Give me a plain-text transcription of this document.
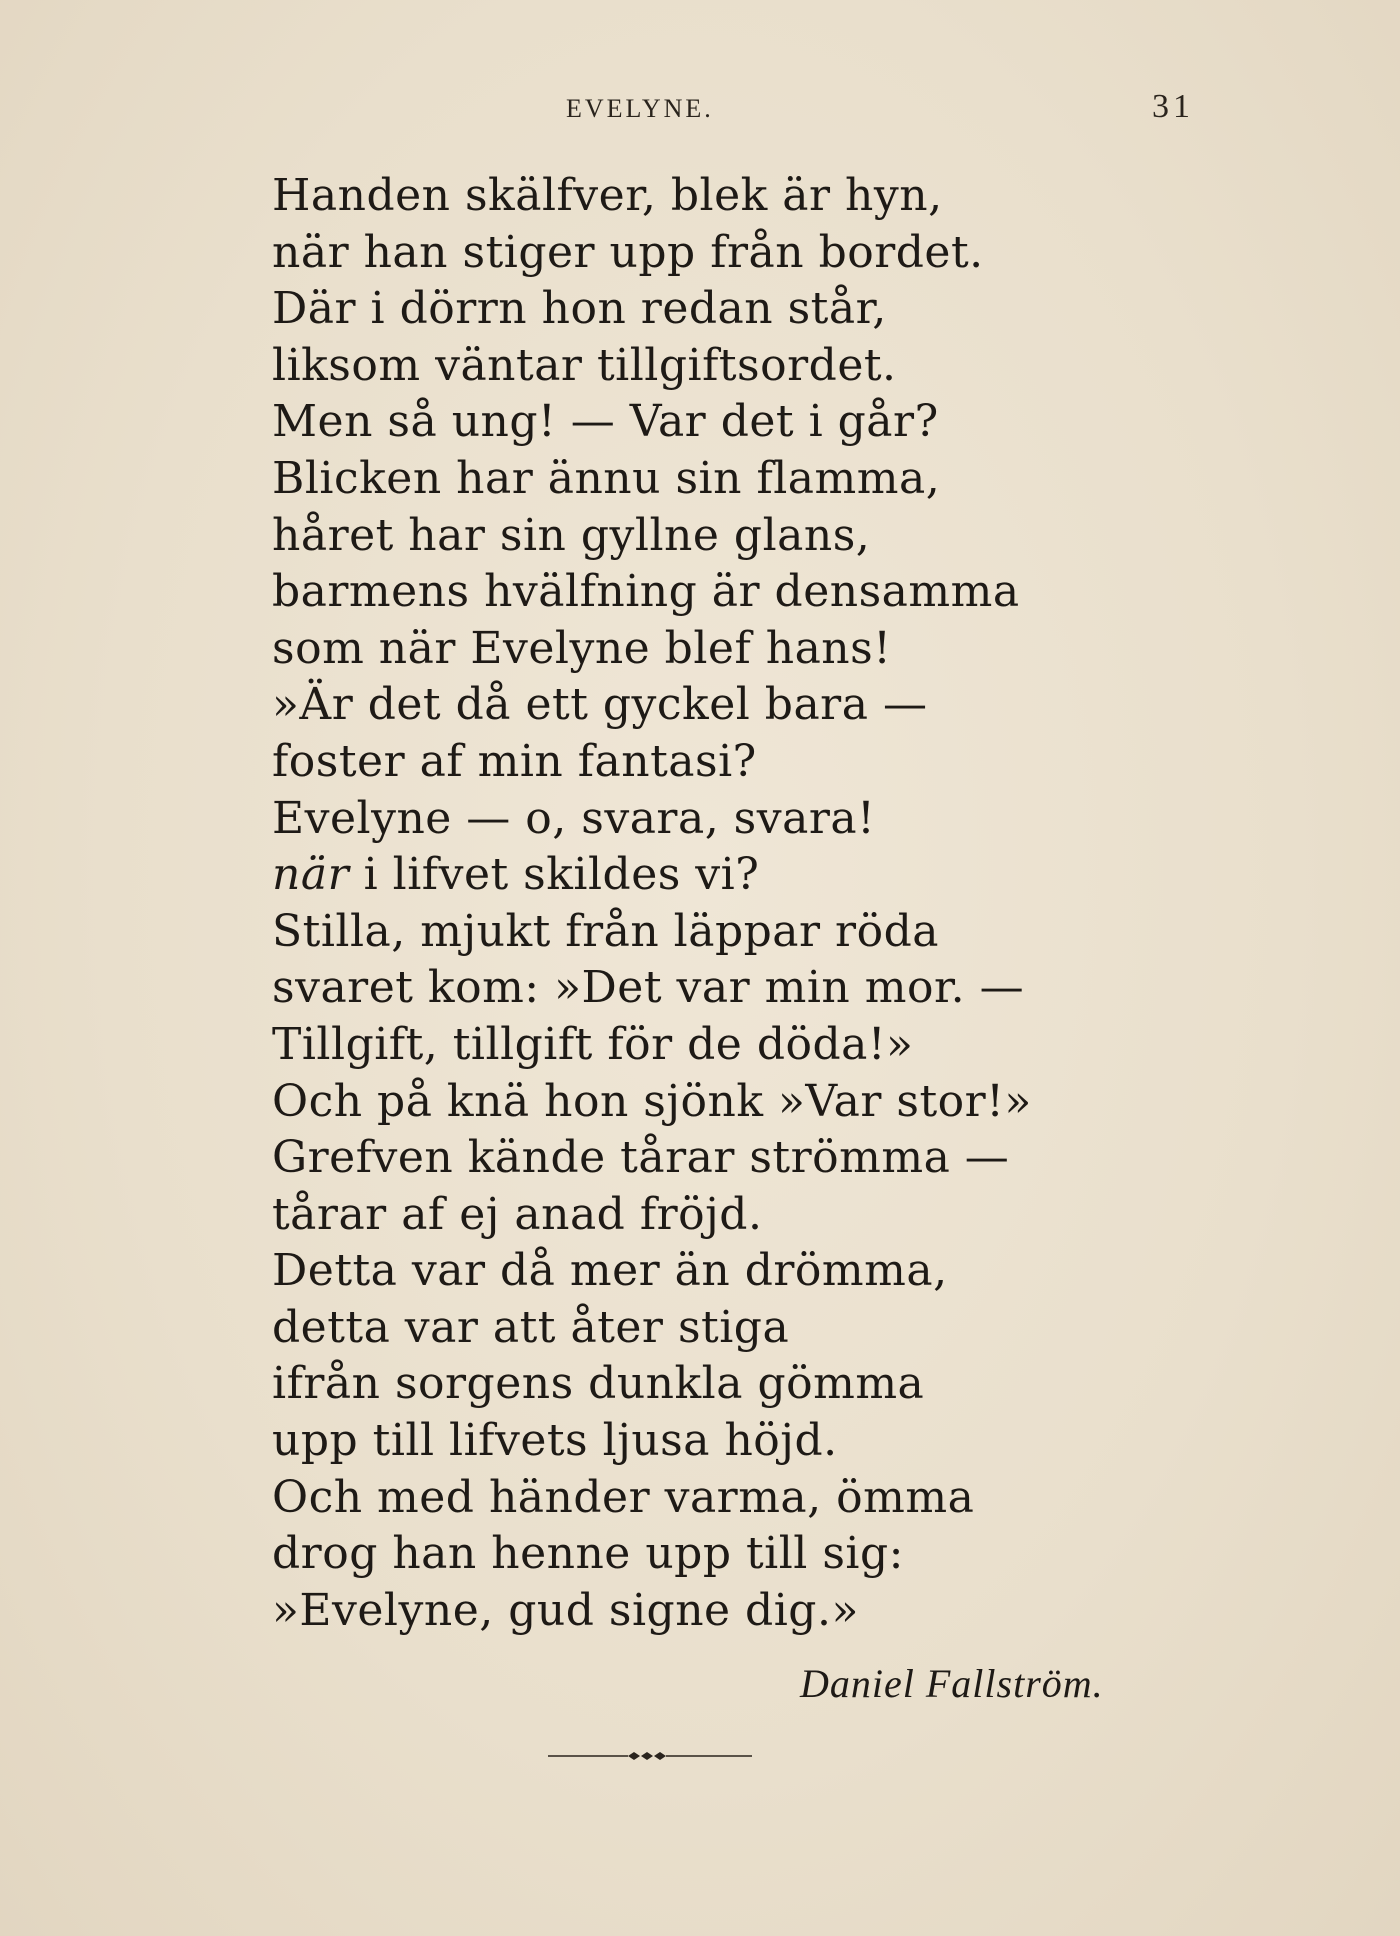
EVELYNE.	31
Handen skälfver, blek är hyn,
när han stiger upp från bordet.
Där i dörrn hon redan står,
liksom väntar tillgiftsordet.
Men så ung! — Var det i går?
Blicken har ännu sin flamma,
håret har sin gyllne glans,
barmens hvälfning är densamma
som när Evelyne blef hans!
»Är det då ett gyckel bara —
foster af min fantasi?
Evelyne — o, svara, svara!
när i lifvet skildes vi?
Stilla, mjukt från läppar röda
svaret kom: »Det var min mor. —
Tillgift, tillgift för de döda!»
Och på knä hon sjönk »Var stor!»
Grefven kände tårar strömma —
tårar af ej anad fröjd.
Detta var då mer än drömma,
detta var att åter stiga
ifrån sorgens dunkla gömma
upp till lifvets ljusa höjd.
Och med händer varma, ömma
drog han henne upp till sig:
»Evelyne, gud signe dig.»
Daniel Fallström.
